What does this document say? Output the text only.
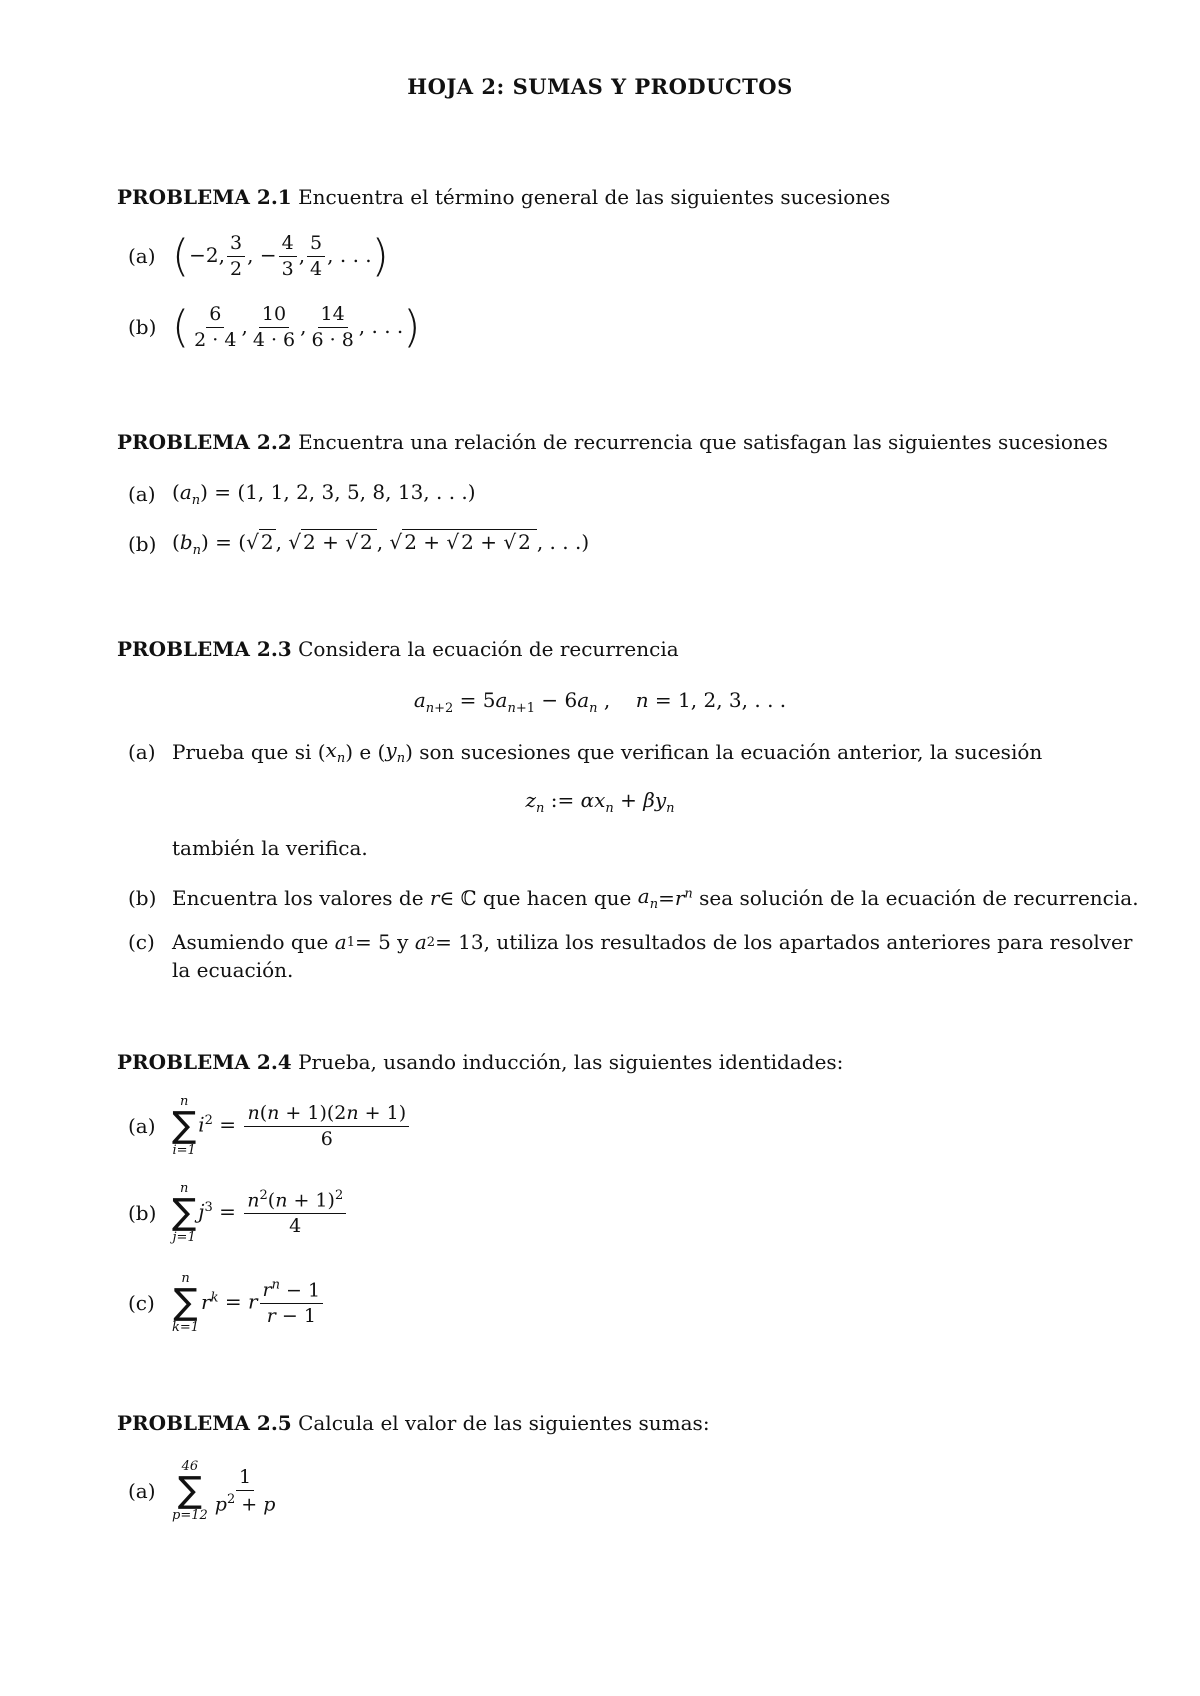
HOJA 2: SUMAS Y PRODUCTOS
PROBLEMA 2.1 Encuentra el término general de las siguientes sucesiones
(a) (−2, $\frac{3}{2}$ , − $\frac{4}{3}$ , $\frac{5}{4}$ , . . .)
(b) ( $\frac{6}{2 \cdot 4}$ , $\frac{10}{4 \cdot 6}$ , $\frac{14}{6 \cdot 8}$ , . . .)
PROBLEMA 2.2 Encuentra una relación de recurrencia que satisfagan las siguientes sucesiones
(a) $(a_n) = (1$, 1, 2, 3, 5, 8, 13, . . .)
(b) $(b_n)$ = (√ 2 , √ 2 + √ 2 , √ 2 + √ 2 + √ 2 , . . .)
PROBLEMA 2.3 Considera la ecuación de recurrencia
$a_{n+2} = 5a_{n+1} - 6a_n$ ,    n = 1, 2, 3, . . .
(a) Prueba que si ( $x_n$ ) e ( $y_n$ ) son sucesiones que verifican la ecuación anterior, la sucesión
$z_n$ := $\alpha x_n + \beta y_n$
también la verifica.
(b) Encuentra los valores de
r ∈ ℂ que hacen que
$a_n = r^n$
sea solución de la ecuación de recurrencia.
(c) Asumiendo que
a 1 = 5 y
a 2 = 13 , utiliza los resultados de los apartados anteriores para resolver
la ecuación.
PROBLEMA 2.4 Prueba, usando inducción, las siguientes identidades:
(a)
n
∑
i=1
$i^2 = \frac{n(n + 1)(2n + 1)}{6}$
(b)
n
∑
j=1
$j^3 = \frac{n^2(n + 1)^2}{4}$
(c)
n
∑
k=1
$r^k = r \frac{r^n - 1}{r - 1}$
PROBLEMA 2.5 Calcula el valor de las siguientes sumas:
(a)
46
∑
p=12
$\frac{1}{p^2 + p}$
